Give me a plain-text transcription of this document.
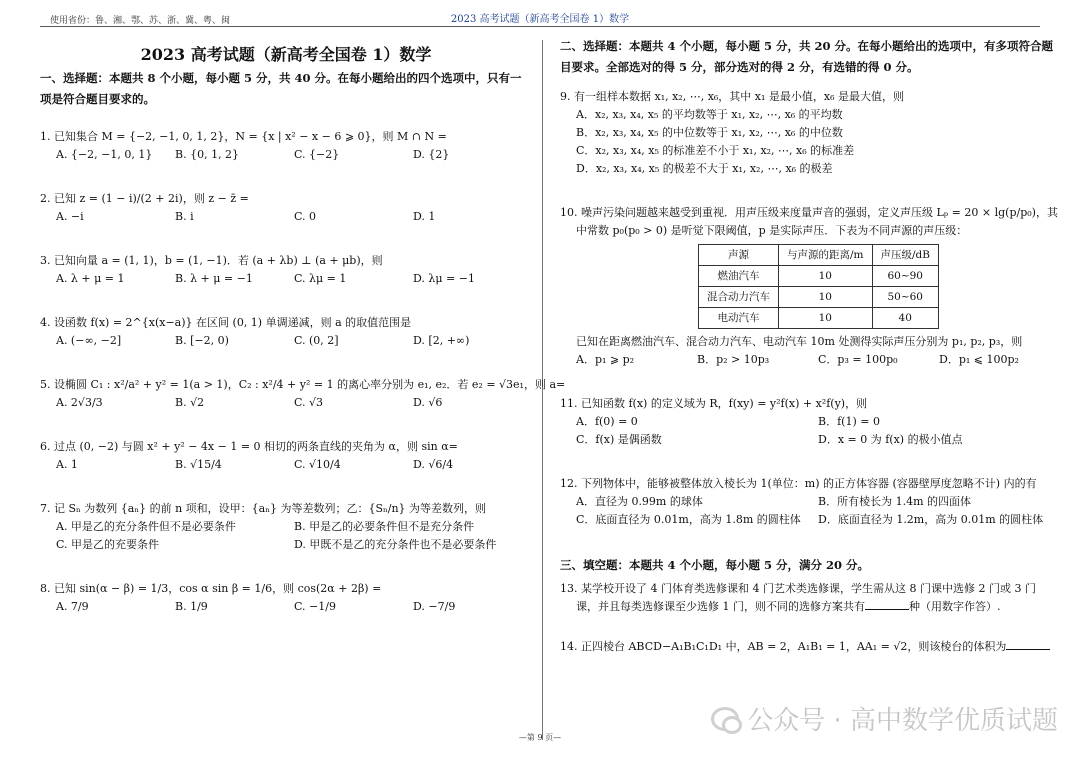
使用省份：鲁、湘、鄂、苏、浙、冀、粤、闽	2023 高考试题（新高考全国卷 1）数学
2023 高考试题（新高考全国卷 1）数学
一、选择题：本题共 8 个小题，每小题 5 分，共 40 分。在每小题给出的四个选项中，只有一项是符合题目要求的。
1. 已知集合 M = {−2, −1, 0, 1, 2}，N = {x | x² − x − 6 ⩾ 0}，则 M ∩ N =
A. {−2, −1, 0, 1}	B. {0, 1, 2}	C. {−2}	D. {2}
2. 已知 z = (1 − i)/(2 + 2i)，则 z − z̄ =
A. −i	B. i	C. 0	D. 1
3. 已知向量 a = (1, 1)，b = (1, −1)．若 (a + λb) ⊥ (a + μb)，则
A. λ + μ = 1	B. λ + μ = −1	C. λμ = 1	D. λμ = −1
4. 设函数 f(x) = 2^{x(x−a)} 在区间 (0, 1) 单调递减，则 a 的取值范围是
A. (−∞, −2]	B. [−2, 0)	C. (0, 2]	D. [2, +∞)
5. 设椭圆 C₁ : x²/a² + y² = 1(a > 1)，C₂ : x²/4 + y² = 1 的离心率分别为 e₁, e₂．若 e₂ = √3e₁，则 a=
A. 2√3/3	B. √2	C. √3	D. √6
6. 过点 (0, −2) 与圆 x² + y² − 4x − 1 = 0 相切的两条直线的夹角为 α，则 sin α=
A. 1	B. √15/4	C. √10/4	D. √6/4
7. 记 Sₙ 为数列 {aₙ} 的前 n 项和，设甲：{aₙ} 为等差数列；乙：{Sₙ/n} 为等差数列，则
A. 甲是乙的充分条件但不是必要条件	B. 甲是乙的必要条件但不是充分条件
C. 甲是乙的充要条件	D. 甲既不是乙的充分条件也不是必要条件
8. 已知 sin(α − β) = 1/3，cos α sin β = 1/6，则 cos(2α + 2β) =
A. 7/9	B. 1/9	C. −1/9	D. −7/9
二、选择题：本题共 4 个小题，每小题 5 分，共 20 分。在每小题给出的选项中，有多项符合题目要求。全部选对的得 5 分，部分选对的得 2 分，有选错的得 0 分。
9. 有一组样本数据 x₁, x₂, ⋯, x₆，其中 x₁ 是最小值，x₆ 是最大值，则
A．x₂, x₃, x₄, x₅ 的平均数等于 x₁, x₂, ⋯, x₆ 的平均数
B．x₂, x₃, x₄, x₅ 的中位数等于 x₁, x₂, ⋯, x₆ 的中位数
C．x₂, x₃, x₄, x₅ 的标准差不小于 x₁, x₂, ⋯, x₆ 的标准差
D．x₂, x₃, x₄, x₅ 的极差不大于 x₁, x₂, ⋯, x₆ 的极差
10. 噪声污染问题越来越受到重视．用声压级来度量声音的强弱，定义声压级 Lₚ = 20 × lg(p/p₀)，其
中常数 p₀(p₀ > 0) 是听觉下限阈值，p 是实际声压．下表为不同声源的声压级：
声源	与声源的距离/m	声压级/dB
燃油汽车	10	60~90
混合动力汽车	10	50~60
电动汽车	10	40
已知在距离燃油汽车、混合动力汽车、电动汽车 10m 处测得实际声压分别为 p₁, p₂, p₃，则
A．p₁ ⩾ p₂	B．p₂ > 10p₃	C．p₃ = 100p₀	D．p₁ ⩽ 100p₂
11. 已知函数 f(x) 的定义域为 R，f(xy) = y²f(x) + x²f(y)，则
A．f(0) = 0	B．f(1) = 0
C．f(x) 是偶函数	D．x = 0 为 f(x) 的极小值点
12. 下列物体中，能够被整体放入棱长为 1(单位：m) 的正方体容器 (容器壁厚度忽略不计) 内的有
A．直径为 0.99m 的球体	B．所有棱长为 1.4m 的四面体
C．底面直径为 0.01m，高为 1.8m 的圆柱体	D．底面直径为 1.2m，高为 0.01m 的圆柱体
三、填空题：本题共 4 个小题，每小题 5 分，满分 20 分。
13. 某学校开设了 4 门体育类选修课和 4 门艺术类选修课，学生需从这 8 门课中选修 2 门或 3 门
课，并且每类选修课至少选修 1 门，则不同的选修方案共有	种（用数字作答）.
14. 正四棱台 ABCD−A₁B₁C₁D₁ 中，AB = 2，A₁B₁ = 1，AA₁ = √2，则该棱台的体积为
公众号 · 高中数学优质试题
—第 9 页—
